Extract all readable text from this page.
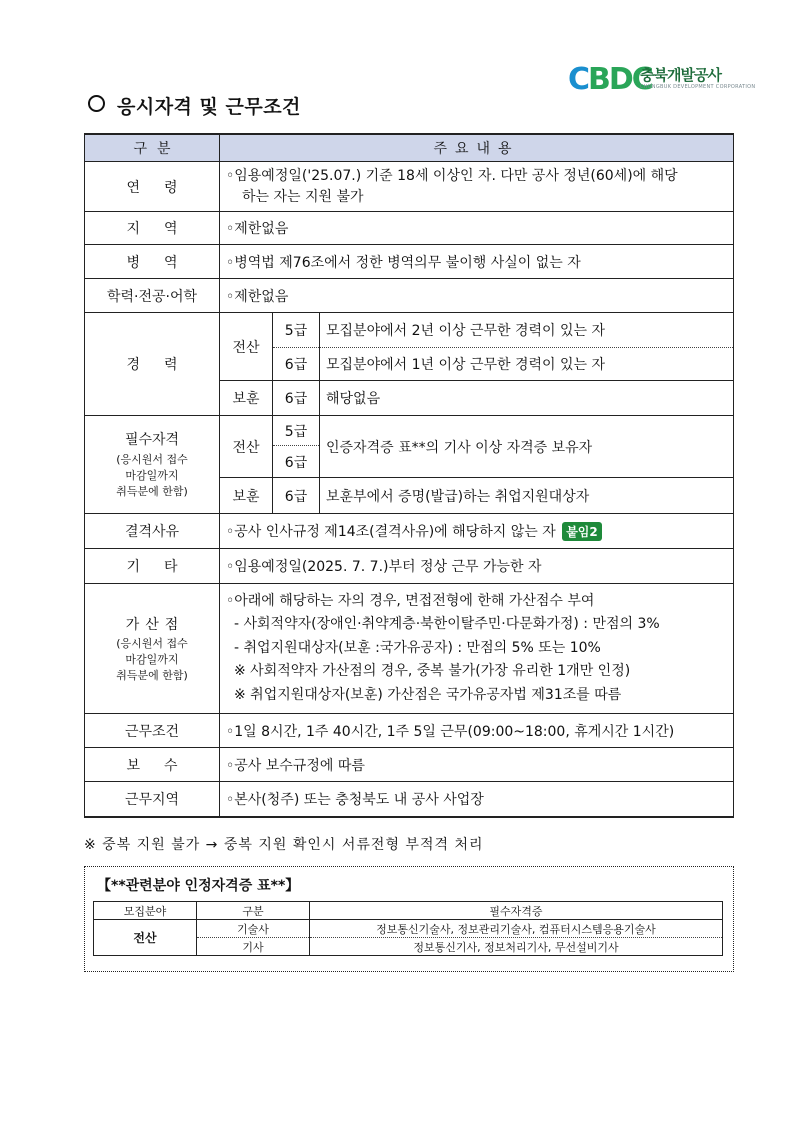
CBDC
충북개발공사
CHUNGBUK DEVELOPMENT CORPORATION
응시자격 및 근무조건
구분	주요내용		
연령	◦임용예정일('25.07.) 기준 18세 이상인 자. 다만 공사 정년(60세)에 해당

하는 자는 지원 불가		

지역	◦제한없음		
병역	◦병역법 제76조에서 정한 병역의무 불이행 사실이 없는 자		
학력·전공·어학	◦제한없음		
경력	전산	5급	모집분야에서 2년 이상 근무한 경력이 있는 자
		6급	모집분야에서 1년 이상 근무한 경력이 있는 자
	보훈	6급	해당없음

필수자격
(응시원서 접수
마감일까지
취득분에 한함)	전산	5급	인증자격증 표**의 기사 이상 자격증 보유자
		6급	
	보훈	6급	보훈부에서 증명(발급)하는 취업지원대상자
결격사유	◦공사 인사규정 제14조(결격사유)에 해당하지 않는 자 붙임2		
기타	◦임용예정일(2025. 7. 7.)부터 정상 근무 가능한 자		

가산점
(응시원서 접수
마감일까지
취득분에 한함)	◦아래에 해당하는 자의 경우, 면접전형에 한해 가산점수 부여
- 사회적약자(장애인·취약계층·북한이탈주민·다문화가정) : 만점의 3%
- 취업지원대상자(보훈 :국가유공자) : 만점의 5% 또는 10%
※ 사회적약자 가산점의 경우, 중복 불가(가장 유리한 1개만 인정)
※ 취업지원대상자(보훈) 가산점은 국가유공자법 제31조를 따름		
근무조건	◦1일 8시간, 1주 40시간, 1주 5일 근무(09:00~18:00, 휴게시간 1시간)		
보수	◦공사 보수규정에 따름		
근무지역	◦본사(청주) 또는 충청북도 내 공사 사업장		
※ 중복 지원 불가 → 중복 지원 확인시 서류전형 부적격 처리
【**관련분야 인정자격증 표**】
모집분야	구분	필수자격증
전산	기술사	정보통신기술사, 정보관리기술사, 컴퓨터시스템응용기술사
	기사	정보통신기사, 정보처리기사, 무선설비기사
